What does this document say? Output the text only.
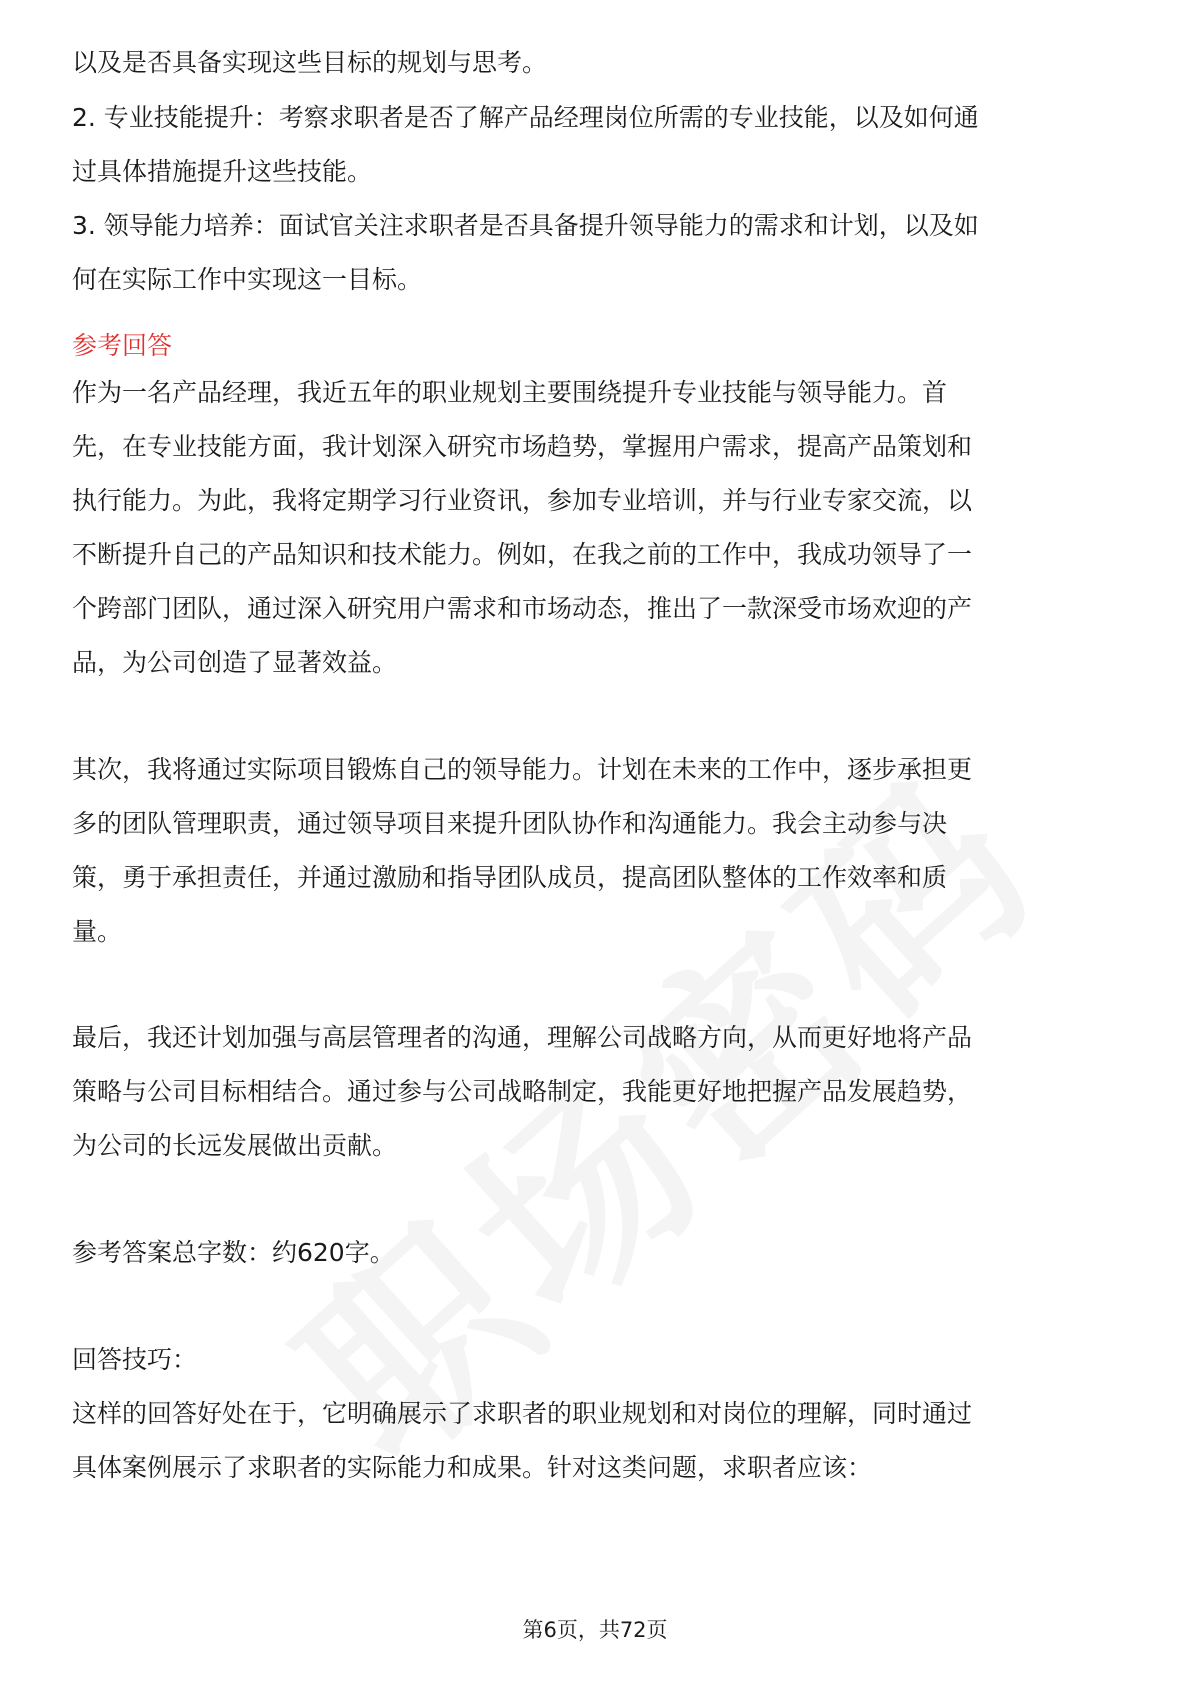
以及是否具备实现这些目标的规划与思考。

2. 专业技能提升：考察求职者是否了解产品经理岗位所需的专业技能，以及如何通

过具体措施提升这些技能。

3. 领导能力培养：面试官关注求职者是否具备提升领导能力的需求和计划，以及如

何在实际工作中实现这一目标。

参考回答

作为一名产品经理，我近五年的职业规划主要围绕提升专业技能与领导能力。首

先，在专业技能方面，我计划深入研究市场趋势，掌握用户需求，提高产品策划和

执行能力。为此，我将定期学习行业资讯，参加专业培训，并与行业专家交流，以

不断提升自己的产品知识和技术能力。例如，在我之前的工作中，我成功领导了一

个跨部门团队，通过深入研究用户需求和市场动态，推出了一款深受市场欢迎的产

品，为公司创造了显著效益。

其次，我将通过实际项目锻炼自己的领导能力。计划在未来的工作中，逐步承担更

多的团队管理职责，通过领导项目来提升团队协作和沟通能力。我会主动参与决

策，勇于承担责任，并通过激励和指导团队成员，提高团队整体的工作效率和质

量。

最后，我还计划加强与高层管理者的沟通，理解公司战略方向，从而更好地将产品

策略与公司目标相结合。通过参与公司战略制定，我能更好地把握产品发展趋势，

为公司的长远发展做出贡献。

参考答案总字数：约620字。

回答技巧：

这样的回答好处在于，它明确展示了求职者的职业规划和对岗位的理解，同时通过

具体案例展示了求职者的实际能力和成果。针对这类问题，求职者应该：

第6页，共72页
